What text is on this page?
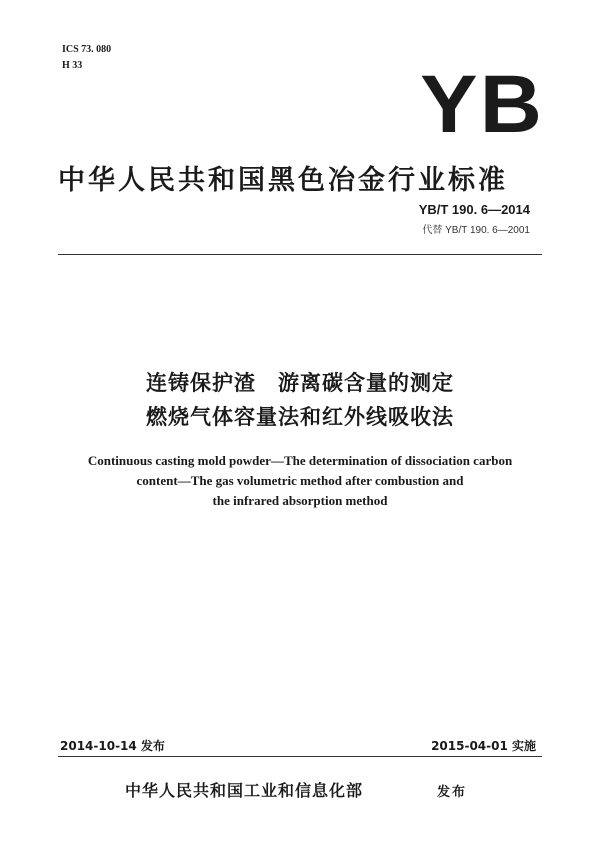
ICS 73. 080
H 33	YB
中华人民共和国黑色冶金行业标准
YB/T 190. 6—2014
代替 YB/T 190. 6—2001
连铸保护渣　游离碳含量的测定
燃烧气体容量法和红外线吸收法
Continuous casting mold powder—The determination of dissociation carbon
content—The gas volumetric method after combustion and
the infrared absorption method
2014-10-14 发布	2015-04-01 实施
中华人民共和国工业和信息化部	发布
